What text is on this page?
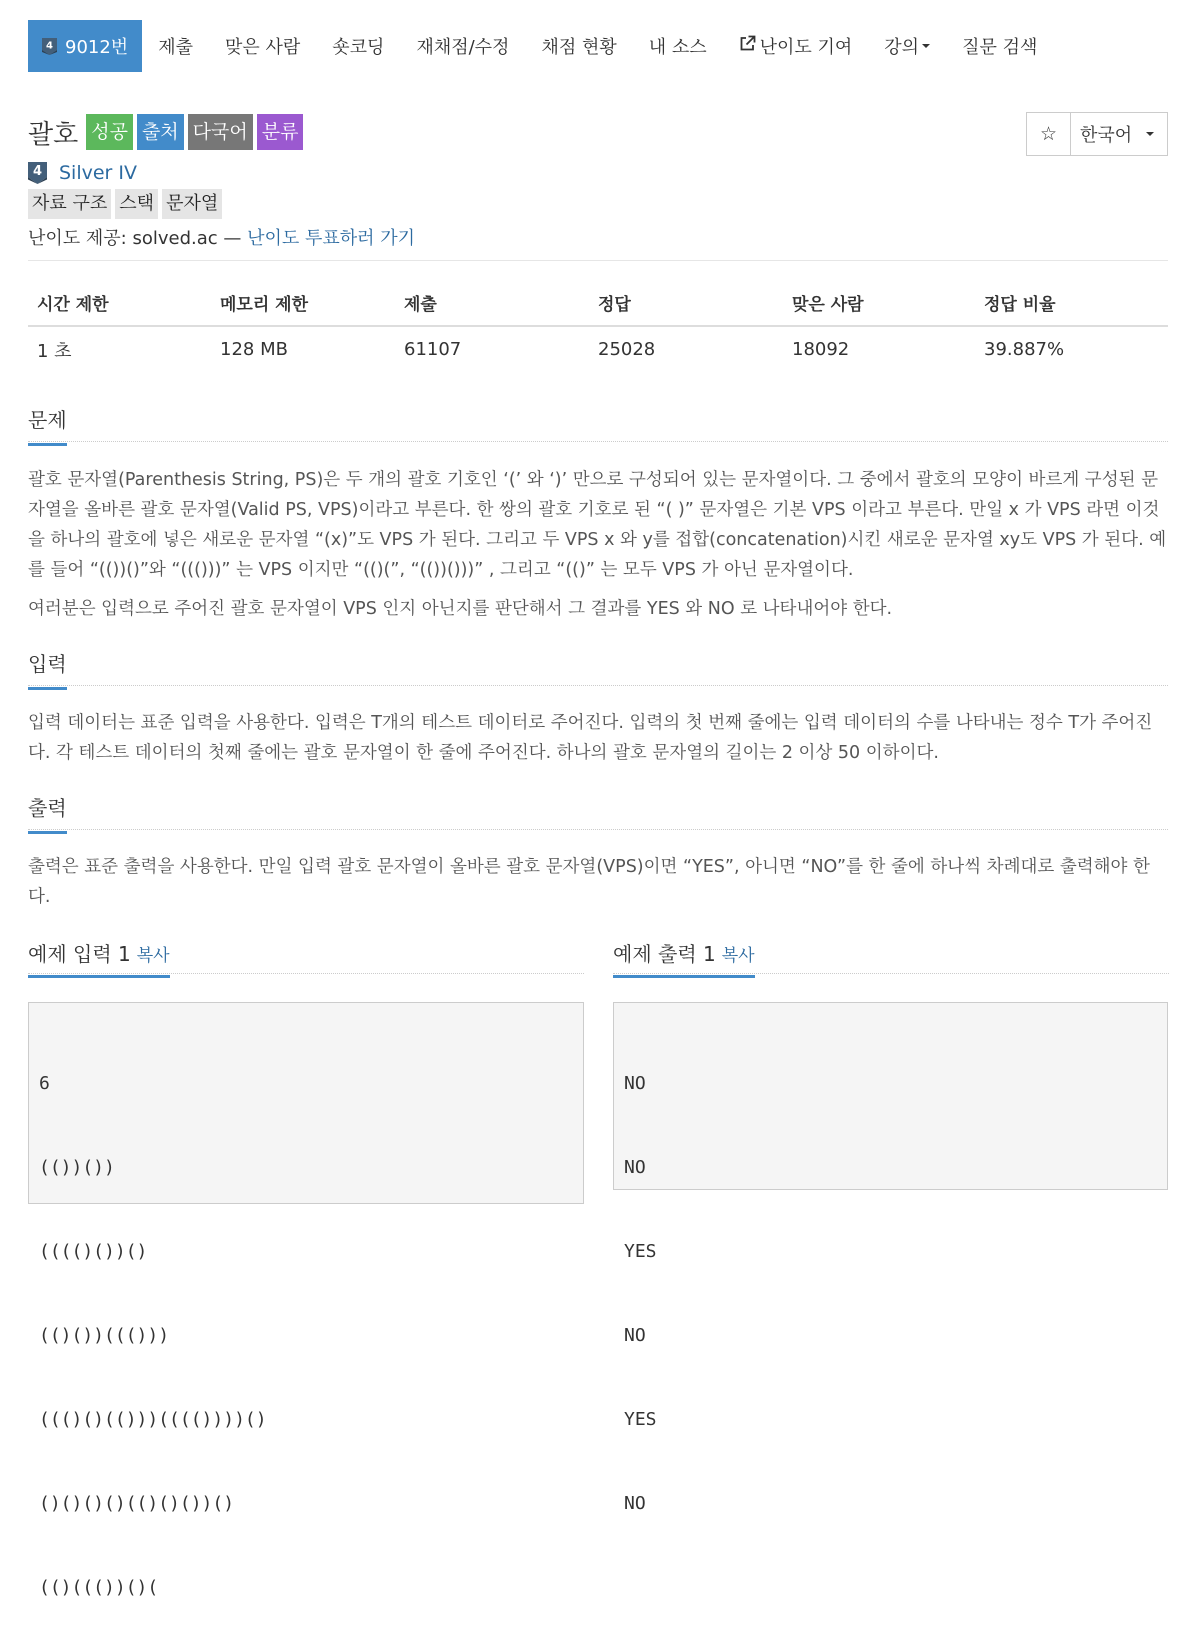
4 9012번	제출	맞은 사람	숏코딩	재채점/수정	채점 현황	내 소스	난이도 기여 강의	질문 검색
괄호 성공 출처 다국어 분류	☆ 한국어
4 Silver IV
자료 구조 스택 문자열
난이도 제공: solved.ac — 난이도 투표하러 가기
시간 제한	메모리 제한	제출	정답	맞은 사람	정답 비율
1 초	128 MB	61107	25028	18092	39.887%
문제

괄호 문자열(Parenthesis String, PS)은 두 개의 괄호 기호인 ‘(’ 와 ‘)’ 만으로 구성되어 있는 문자열이다. 그 중에서 괄호의 모양이 바르게 구성된 문자열을 올바른 괄호 문자열(Valid PS, VPS)이라고 부른다. 한 쌍의 괄호 기호로 된 “( )” 문자열은 기본 VPS 이라고 부른다. 만일 x 가 VPS 라면 이것을 하나의 괄호에 넣은 새로운 문자열 “(x)”도 VPS 가 된다. 그리고 두 VPS x 와 y를 접합(concatenation)시킨 새로운 문자열 xy도 VPS 가 된다. 예를 들어 “(())()”와 “((()))” 는 VPS 이지만 “(()(”, “(())()))” , 그리고 “(()” 는 모두 VPS 가 아닌 문자열이다.

여러분은 입력으로 주어진 괄호 문자열이 VPS 인지 아닌지를 판단해서 그 결과를 YES 와 NO 로 나타내어야 한다.

입력

입력 데이터는 표준 입력을 사용한다. 입력은 T개의 테스트 데이터로 주어진다. 입력의 첫 번째 줄에는 입력 데이터의 수를 나타내는 정수 T가 주어진다. 각 테스트 데이터의 첫째 줄에는 괄호 문자열이 한 줄에 주어진다. 하나의 괄호 문자열의 길이는 2 이상 50 이하이다.

출력

출력은 표준 출력을 사용한다. 만일 입력 괄호 문자열이 올바른 괄호 문자열(VPS)이면 “YES”, 아니면 “NO”를 한 줄에 하나씩 차례대로 출력해야 한다.

예제 입력 1 복사	예제 출력 1 복사

6

(())())

(((()())()

(()())((()))

((()()(()))(((())))()

()()()()(()()())()

(()((())()(

NO

NO

YES

NO

YES

NO
